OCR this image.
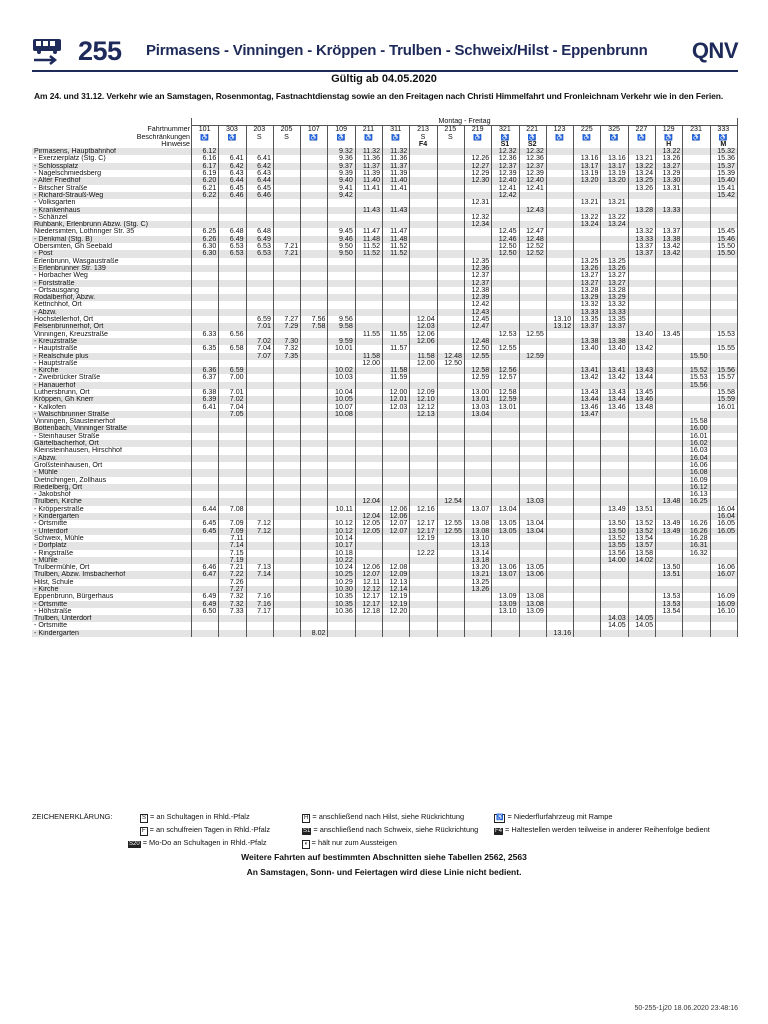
255 Pirmasens - Vinningen - Kröppen - Trulben - Schweix/Hilst - Eppenbrunn QNV
Gültig ab 04.05.2020
Am 24. und 31.12. Verkehr wie an Samstagen, Rosenmontag, Fastnachtdienstag sowie an den Freitagen nach Christi Himmelfahrt und Fronleichnam Verkehr wie in den Ferien.
	Montag - Freitag																			
Fahrtnummer	101	303	203	205	107	109	211	311	213	215	219	321	221	123	225	325	227	129	231	333
Beschränkungen	♿	♿	S	S	♿	♿	♿	♿	S	S	♿	♿	♿	♿	♿	♿	♿	♿	♿	♿
Hinweise									F4			S1	S2					H		M
Pirmasens, Hauptbahnhof	6.12					9.32	11.32	11.32				12.32	12.32					13.22		15.32
- Exerzierplatz (Stg. C)	6.16	6.41	6.41			9.36	11.36	11.36			12.26	12.36	12.36		13.16	13.16	13.21	13.26		15.36
- Schlossplatz	6.17	6.42	6.42			9.37	11.37	11.37			12.27	12.37	12.37		13.17	13.17	13.22	13.27		15.37
- Nagelschmiedsberg	6.19	6.43	6.43			9.39	11.39	11.39			12.29	12.39	12.39		13.19	13.19	13.24	13.29		15.39
- Alter Friedhof	6.20	6.44	6.44			9.40	11.40	11.40			12.30	12.40	12.40		13.20	13.20	13.25	13.30		15.40
- Bitscher Straße	6.21	6.45	6.45			9.41	11.41	11.41				12.41	12.41				13.26	13.31		15.41
- Richard-Strauß-Weg	6.22	6.46	6.46			9.42						12.42								15.42
- Volksgarten											12.31				13.21	13.21				
- Krankenhaus							11.43	11.43					12.43				13.28	13.33		
- Schänzel											12.32				13.22	13.22				
Ruhbank, Erlenbrunn Abzw. (Stg. C)											12.34				13.24	13.24				
Niedersimten, Lothringer Str. 35	6.25	6.48	6.48			9.45	11.47	11.47				12.45	12.47				13.32	13.37		15.45
- Denkmal (Stg. B)	6.26	6.49	6.49			9.46	11.48	11.48				12.46	12.48				13.33	13.38		15.46
Obersimten, Gh Seebald	6.30	6.53	6.53	7.21		9.50	11.52	11.52				12.50	12.52				13.37	13.42		15.50
- Post	6.30	6.53	6.53	7.21		9.50	11.52	11.52				12.50	12.52				13.37	13.42		15.50
Erlenbrunn, Wasgaustraße											12.35				13.25	13.25				
- Erlenbrunner Str. 139											12.36				13.26	13.26				
- Horbacher Weg											12.37				13.27	13.27				
- Forststraße											12.37				13.27	13.27				
- Ortsausgang											12.38				13.28	13.28				
Rodalberhof, Abzw.											12.39				13.29	13.29				
Kettrichhof, Ort											12.42				13.32	13.32				
- Abzw.											12.43				13.33	13.33				
Hochstellerhof, Ort			6.59	7.27	7.56	9.56			12.04		12.45			13.10	13.35	13.35				
Felsenbrunnerhof, Ort			7.01	7.29	7.58	9.58			12.03		12.47			13.12	13.37	13.37				
Vinningen, Kreuzstraße	6.33	6.56					11.55	11.55	12.06			12.53	12.55				13.40	13.45		15.53
- Kreuzstraße			7.02	7.30		9.59			12.06		12.48				13.38	13.38				
- Hauptstraße	6.35	6.58	7.04	7.32		10.01		11.57			12.50	12.55			13.40	13.40	13.42			15.55
- Realschule plus			7.07	7.35			11.58		11.58	12.48	12.55		12.59						15.50	
- Hauptstraße							12.00		12.00	12.50										
- Kirche	6.36	6.59				10.02		11.58			12.58	12.56			13.41	13.41	13.43		15.52	15.56
- Zweibrücker Straße	6.37	7.00				10.03		11.59			12.59	12.57			13.42	13.42	13.44		15.53	15.57
- Hanauerhof																			15.56	
Luthersbrunn, Ort	6.38	7.01				10.04		12.00	12.09		13.00	12.58			13.43	13.43	13.45			15.58
Kröppen, Gh Knerr	6.39	7.02				10.05		12.01	12.10		13.01	12.59			13.44	13.44	13.46			15.59
- Kalkofen	6.41	7.04				10.07		12.03	12.12		13.03	13.01			13.46	13.46	13.48			16.01
- Walschbrunner Straße		7.05				10.08			12.13		13.04				13.47					
Vinningen, Stausteinerhof																			15.58	
Bottenbach, Vinninger Straße																			16.00	
- Steinhauser Straße																			16.01	
Gärtelbacherhof, Ort																			16.02	
Kleinsteinhausen, Hirschhof																			16.03	
- Abzw.																			16.04	
Großsteinhausen, Ort																			16.06	
- Mühle																			16.08	
Dietrichingen, Zollhaus																			16.09	
Riedelberg, Ort																			16.12	
- Jakobshof																			16.13	
Trulben, Kirche							12.04			12.54			13.03					13.48	16.25	
- Kröpperstraße	6.44	7.08				10.11		12.06	12.16		13.07	13.04				13.49	13.51			16.04
- Kindergarten							12.04	12.06												16.04
- Ortsmitte	6.45	7.09	7.12			10.12	12.05	12.07	12.17	12.55	13.08	13.05	13.04			13.50	13.52	13.49	16.26	16.05
- Unterdorf	6.45	7.09	7.12			10.12	12.05	12.07	12.17	12.55	13.08	13.05	13.04			13.50	13.52	13.49	16.26	16.05
Schweix, Mühle		7.11				10.14			12.19		13.10					13.52	13.54		16.28	
- Dorfplatz		7.14				10.17					13.13					13.55	13.57		16.31	
- Ringstraße		7.15				10.18			12.22		13.14					13.56	13.58		16.32	
- Mühle		7.19				10.22					13.18					14.00	14.02			
Trulbermühle, Ort	6.46	7.21	7.13			10.24	12.06	12.08			13.20	13.06	13.05					13.50		16.06
Trulben, Abzw. Imsbacherhof	6.47	7.22	7.14			10.25	12.07	12.09			13.21	13.07	13.06					13.51		16.07
Hilst, Schule		7.26				10.29	12.11	12.13			13.25									
- Kirche		7.27				10.30	12.12	12.14			13.26									
Eppenbrunn, Bürgerhaus	6.49	7.32	7.16			10.35	12.17	12.19				13.09	13.08					13.53		16.09
- Ortsmitte	6.49	7.32	7.16			10.35	12.17	12.19				13.09	13.08					13.53		16.09
- Höhstraße	6.50	7.33	7.17			10.36	12.18	12.20				13.10	13.09					13.54		16.10
Trulben, Unterdorf																14.03	14.05			
- Ortsmitte																14.05	14.05			
- Kindergarten					8.02									13.16						
ZEICHENERKLÄRUNG:	S = an Schultagen in Rhld.-Pfalz	H = anschließend nach Hilst, siehe Rückrichtung	♿ = Niederflurfahrzeug mit Rampe
F = an schulfreien Tagen in Rhld.-Pfalz	S1 = anschließend nach Schweix, siehe Rückrichtung	F4 = Haltestellen werden teilweise in anderer Reihenfolge bedient
S20 = Mo-Do an Schultagen in Rhld.-Pfalz	◖ = hält nur zum Aussteigen
Weitere Fahrten auf bestimmten Abschnitten siehe Tabellen 2562, 2563
An Samstagen, Sonn- und Feiertagen wird diese Linie nicht bedient.
50-255-1j20 18.06.2020 23:48:16
